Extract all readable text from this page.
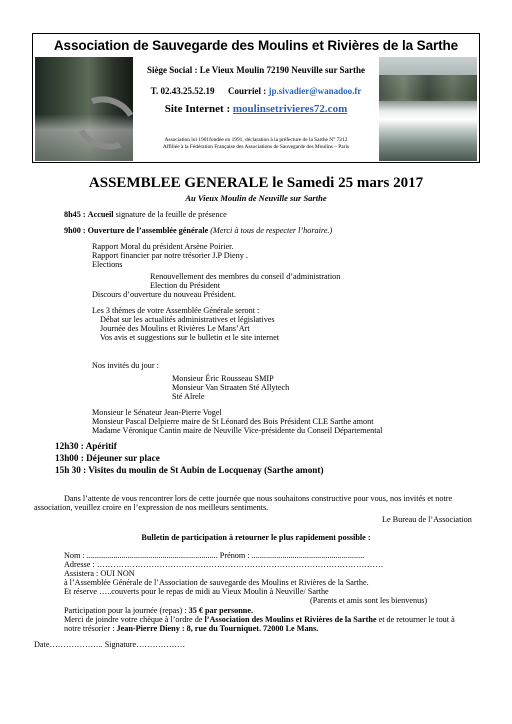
Association de Sauvegarde des Moulins et Rivières de la Sarthe
Siège Social : Le Vieux Moulin 72190 Neuville sur Sarthe
T. 02.43.25.52.19 Courriel : jp.sivadier@wanadoo.fr
Site Internet : moulinsetrivieres72.com
Association loi 1901fondée en 1991, déclaration à la préfecture de la Sarthe N° 7212
Affiliée à la Fédération Française des Associations de Sauvegarde des Moulins – Paris
ASSEMBLEE GENERALE le Samedi 25 mars 2017
Au Vieux Moulin de Neuville sur Sarthe
8h45 : Accueil signature de la feuille de présence
9h00 : Ouverture de l’assemblée générale (Merci à tous de respecter l’horaire.)
Rapport Moral du président Arsène Poirier.
Rapport financier par notre trésorier J.P Dieny .
Elections
Renouvellement des membres du conseil d’administration
Election du Président
Discours d’ouverture du nouveau Président.
Les 3 thèmes de votre Assemblée Générale seront :
Débat sur les actualités administratives et législatives
Journée des Moulins et Rivières Le Mans’Art
Vos avis et suggestions sur le bulletin et le site internet
Nos invités du jour :
Monsieur Éric Rousseau SMIP
Monsieur Van Straaten Sté Allytech
Sté Alrele
Monsieur le Sénateur Jean-Pierre Vogel
Monsieur Pascal Delpierre maire de St Léonard des Bois Président CLE Sarthe amont
Madame Véronique Cantin maire de Neuville Vice-présidente du Conseil Départemental
12h30 : Apéritif
13h00 : Déjeuner sur place
15h 30 : Visites du moulin de St Aubin de Locquenay (Sarthe amont)
Dans l’attente de vous rencontrer lors de cette journée que nous souhaitons constructive pour vous, nos invités et notre
association, veuillez croire en l’expression de nos meilleurs sentiments.
Le Bureau de l’Association
Bulletin de participation à retourner le plus rapidement possible :
Nom : ................................................................ Prénom : .......................................................
Adresse : ……………………………………………………………………………………………
Assistera : OUI NON
à l’Assemblée Générale de l’Association de sauvegarde des Moulins et Rivières de la Sarthe.
Et réserve …..couverts pour le repas de midi au Vieux Moulin à Neuville/ Sarthe
(Parents et amis sont les bienvenus)
Participation pour la journée (repas) : 35 € par personne.
Merci de joindre votre chèque à l’ordre de l’Association des Moulins et Rivières de la Sarthe et de retourner le tout à
notre trésorier : Jean-Pierre Dieny : 8, rue du Tourniquet. 72000 Le Mans.
Date……………….. Signature………………
